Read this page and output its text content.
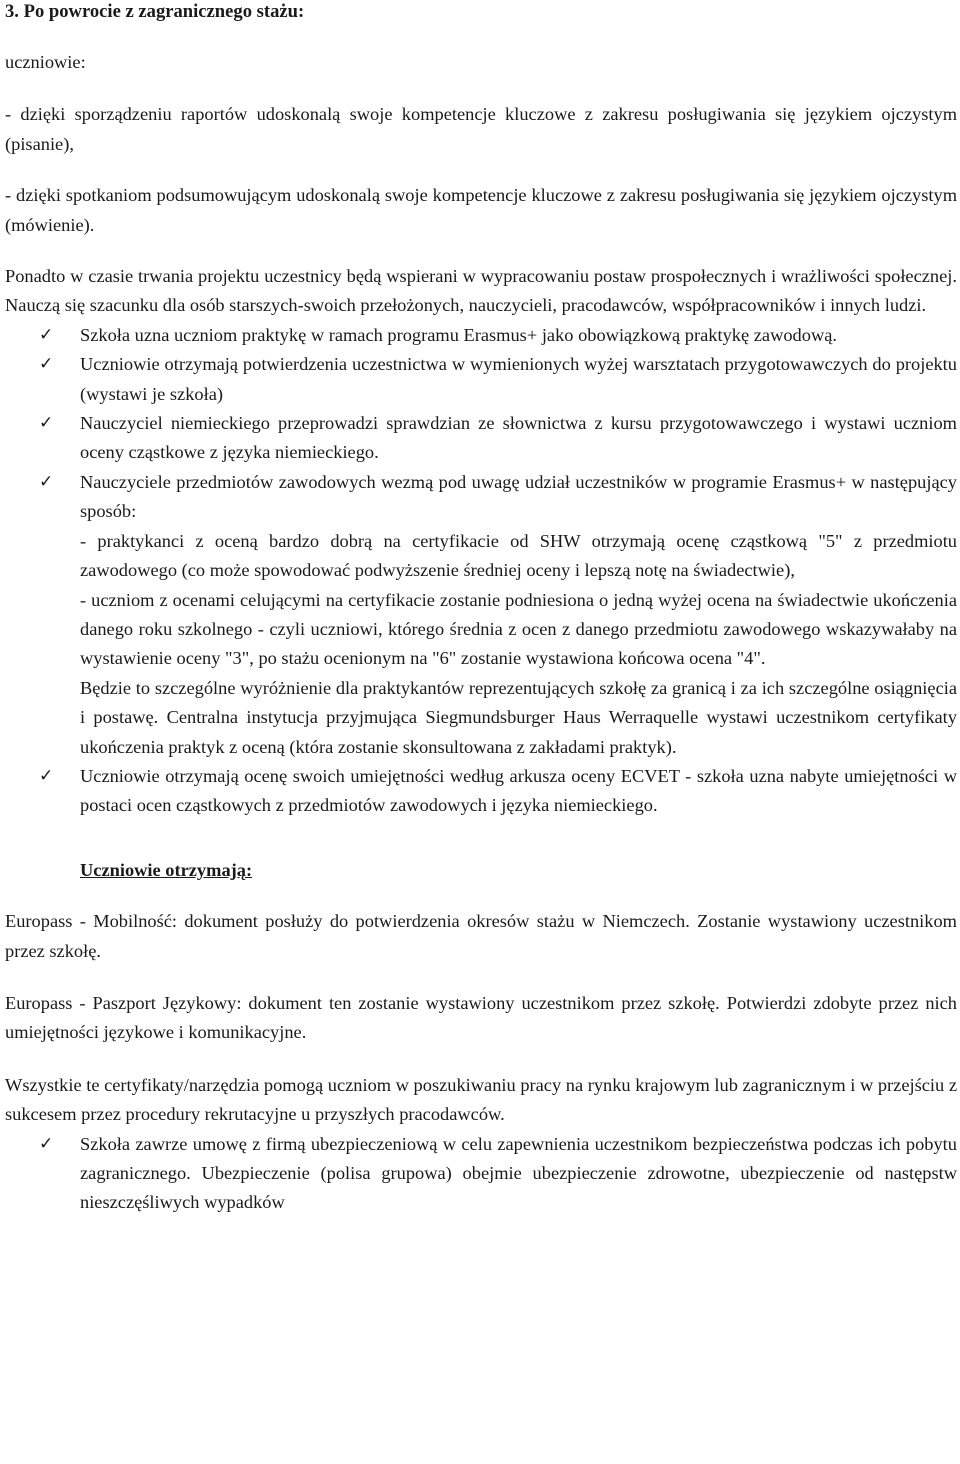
3. Po powrocie z zagranicznego stażu:

uczniowie:

- dzięki sporządzeniu raportów udoskonalą swoje kompetencje kluczowe z zakresu posługiwania się językiem ojczystym (pisanie),

- dzięki spotkaniom podsumowującym udoskonalą swoje kompetencje kluczowe z zakresu posługiwania się językiem ojczystym (mówienie).

Ponadto w czasie trwania projektu uczestnicy będą wspierani w wypracowaniu postaw prospołecznych i wrażliwości społecznej. Nauczą się szacunku dla osób starszych-swoich przełożonych, nauczycieli, pracodawców, współpracowników i innych ludzi.

✓ Szkoła uzna uczniom praktykę w ramach programu Erasmus+ jako obowiązkową praktykę zawodową.
✓ Uczniowie otrzymają potwierdzenia uczestnictwa w wymienionych wyżej warsztatach przygotowawczych do projektu (wystawi je szkoła)
✓ Nauczyciel niemieckiego przeprowadzi sprawdzian ze słownictwa z kursu przygotowawczego i wystawi uczniom oceny cząstkowe z języka niemieckiego.
✓ Nauczyciele przedmiotów zawodowych wezmą pod uwagę udział uczestników w programie Erasmus+ w następujący sposób:
- praktykanci z oceną bardzo dobrą na certyfikacie od SHW otrzymają ocenę cząstkową "5" z przedmiotu zawodowego (co może spowodować podwyższenie średniej oceny i lepszą notę na świadectwie),
- uczniom z ocenami celującymi na certyfikacie zostanie podniesiona o jedną wyżej ocena na świadectwie ukończenia danego roku szkolnego - czyli uczniowi, którego średnia z ocen z danego przedmiotu zawodowego wskazywałaby na wystawienie oceny "3", po stażu ocenionym na "6" zostanie wystawiona końcowa ocena "4".
Będzie to szczególne wyróżnienie dla praktykantów reprezentujących szkołę za granicą i za ich szczególne osiągnięcia i postawę. Centralna instytucja przyjmująca Siegmundsburger Haus Werraquelle wystawi uczestnikom certyfikaty ukończenia praktyk z oceną (która zostanie skonsultowana z zakładami praktyk).
✓ Uczniowie otrzymają ocenę swoich umiejętności według arkusza oceny ECVET - szkoła uzna nabyte umiejętności w postaci ocen cząstkowych z przedmiotów zawodowych i języka niemieckiego.

Uczniowie otrzymają:

Europass - Mobilność: dokument posłuży do potwierdzenia okresów stażu w Niemczech. Zostanie wystawiony uczestnikom przez szkołę.

Europass - Paszport Językowy: dokument ten zostanie wystawiony uczestnikom przez szkołę. Potwierdzi zdobyte przez nich umiejętności językowe i komunikacyjne.

Wszystkie te certyfikaty/narzędzia pomogą uczniom w poszukiwaniu pracy na rynku krajowym lub zagranicznym i w przejściu z sukcesem przez procedury rekrutacyjne u przyszłych pracodawców.

✓ Szkoła zawrze umowę z firmą ubezpieczeniową w celu zapewnienia uczestnikom bezpieczeństwa podczas ich pobytu zagranicznego. Ubezpieczenie (polisa grupowa) obejmie ubezpieczenie zdrowotne, ubezpieczenie od następstw nieszczęśliwych wypadków
